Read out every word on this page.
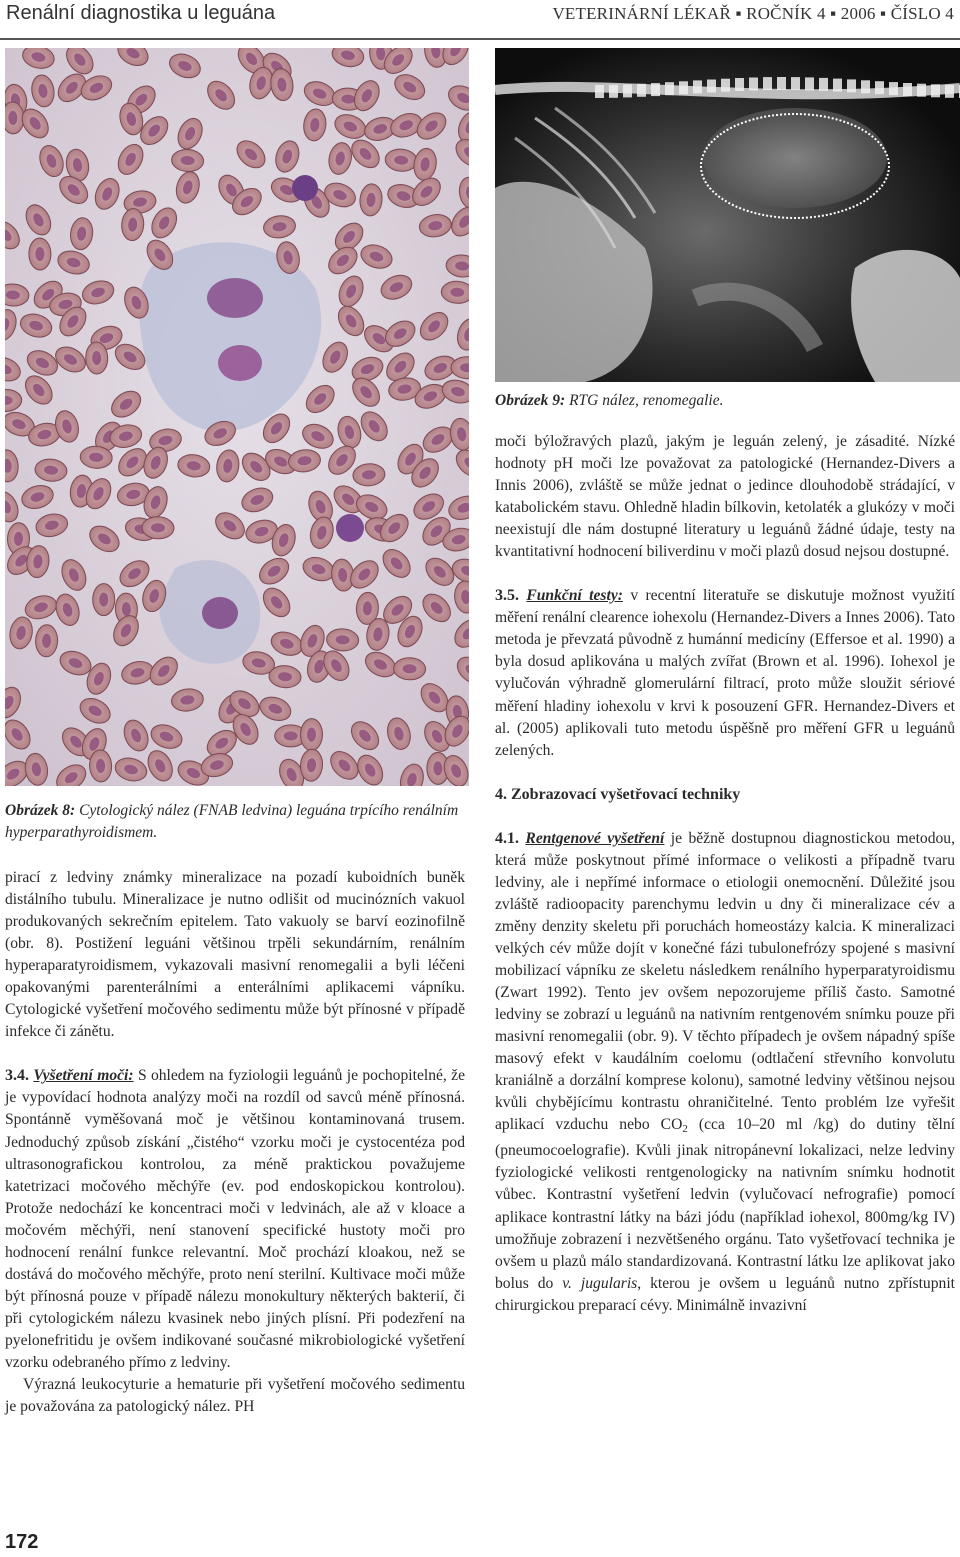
Renální diagnostika u leguána	VETERINÁRNÍ LÉKAŘ ▪ ROČNÍK 4 ▪ 2006 ▪ ČÍSLO 4
Obrázek 8: Cytologický nález (FNAB ledvina) leguána trpícího renálním hyperparathyroidismem.
Obrázek 9: RTG nález, renomegalie.

pirací z ledviny známky mineralizace na pozadí kuboidních buněk distálního tubulu. Mineralizace je nutno odlišit od mucinózních vakuol produkovaných sekrečním epitelem. Tato vakuoly se barví eozinofilně (obr. 8). Postižení leguáni většinou trpěli sekundárním, renálním hyperaparatyroidismem, vykazovali masivní renomegalii a byli léčeni opakovanými parenterálními a enterálními aplikacemi vápníku. Cytologické vyšetření močového sedimentu může být přínosné v případě infekce či zánětu.

3.4. Vyšetření moči: S ohledem na fyziologii leguánů je pochopitelné, že je vypovídací hodnota analýzy moči na rozdíl od savců méně přínosná. Spontánně vyměšovaná moč je většinou kontaminovaná trusem. Jednoduchý způsob získání „čistého“ vzorku moči je cystocentéza pod ultrasonografickou kontrolou, za méně praktickou považujeme katetrizaci močového měchýře (ev. pod endoskopickou kontrolou). Protože nedochází ke koncentraci moči v ledvinách, ale až v kloace a močovém měchýři, není stanovení specifické hustoty moči pro hodnocení renální funkce relevantní. Moč prochází kloakou, než se dostává do močového měchýře, proto není sterilní. Kultivace moči může být přínosná pouze v případě nálezu monokultury některých bakterií, či při cytologickém nálezu kvasinek nebo jiných plísní. Při podezření na pyelonefritidu je ovšem indikované současné mikrobiologické vyšetření vzorku odebraného přímo z ledviny.

Výrazná leukocyturie a hematurie při vyšetření močového sedimentu je považována za patologický nález. PH

moči býložravých plazů, jakým je leguán zelený, je zásadité. Nízké hodnoty pH moči lze považovat za patologické (Hernandez-Divers a Innis 2006), zvláště se může jednat o jedince dlouhodobě strádající, v katabolickém stavu. Ohledně hladin bílkovin, ketolaték a glukózy v moči neexistují dle nám dostupné literatury u leguánů žádné údaje, testy na kvantitativní hodnocení biliverdinu v moči plazů dosud nejsou dostupné.

3.5. Funkční testy: v recentní literatuře se diskutuje možnost využití měření renální clearence iohexolu (Hernandez-Divers a Innes 2006). Tato metoda je převzatá původně z humánní medicíny (Effersoe et al. 1990) a byla dosud aplikována u malých zvířat (Brown et al. 1996). Iohexol je vylučován výhradně glomerulární filtrací, proto může sloužit sériové měření hladiny iohexolu v krvi k posouzení GFR. Hernandez-Divers et al. (2005) aplikovali tuto metodu úspěšně pro měření GFR u leguánů zelených.

4. Zobrazovací vyšetřovací techniky

4.1. Rentgenové vyšetření je běžně dostupnou diagnostickou metodou, která může poskytnout přímé informace o velikosti a případně tvaru ledviny, ale i nepřímé informace o etiologii onemocnění. Důležité jsou zvláště radioopacity parenchymu ledvin u dny či mineralizace cév a změny denzity skeletu při poruchách homeostázy kalcia. K mineralizaci velkých cév může dojít v konečné fázi tubulonefrózy spojené s masivní mobilizací vápníku ze skeletu následkem renálního hyperparatyroidismu (Zwart 1992). Tento jev ovšem nepozorujeme příliš často. Samotné ledviny se zobrazí u leguánů na nativním rentgenovém snímku pouze při masivní renomegalii (obr. 9). V těchto případech je ovšem nápadný spíše masový efekt v kaudálním coelomu (odtlačení střevního konvolutu kraniálně a dorzální komprese kolonu), samotné ledviny většinou nejsou kvůli chybějícímu kontrastu ohraničitelné. Tento problém lze vyřešit aplikací vzduchu nebo $CO_2$ (cca 10–20 ml /kg) do dutiny tělní (pneumocoelografie). Kvůli jinak nitropánevní lokalizaci, nelze ledviny fyziologické velikosti rentgenologicky na nativním snímku hodnotit vůbec. Kontrastní vyšetření ledvin (vylučovací nefrografie) pomocí aplikace kontrastní látky na bázi jódu (například iohexol, 800mg/kg IV) umožňuje zobrazení i nezvětšeného orgánu. Tato vyšetřovací technika je ovšem u plazů málo standardizovaná. Kontrastní látku lze aplikovat jako bolus do v. jugularis, kterou je ovšem u leguánů nutno zpřístupnit chirurgickou preparací cévy. Minimálně invazivní

172
